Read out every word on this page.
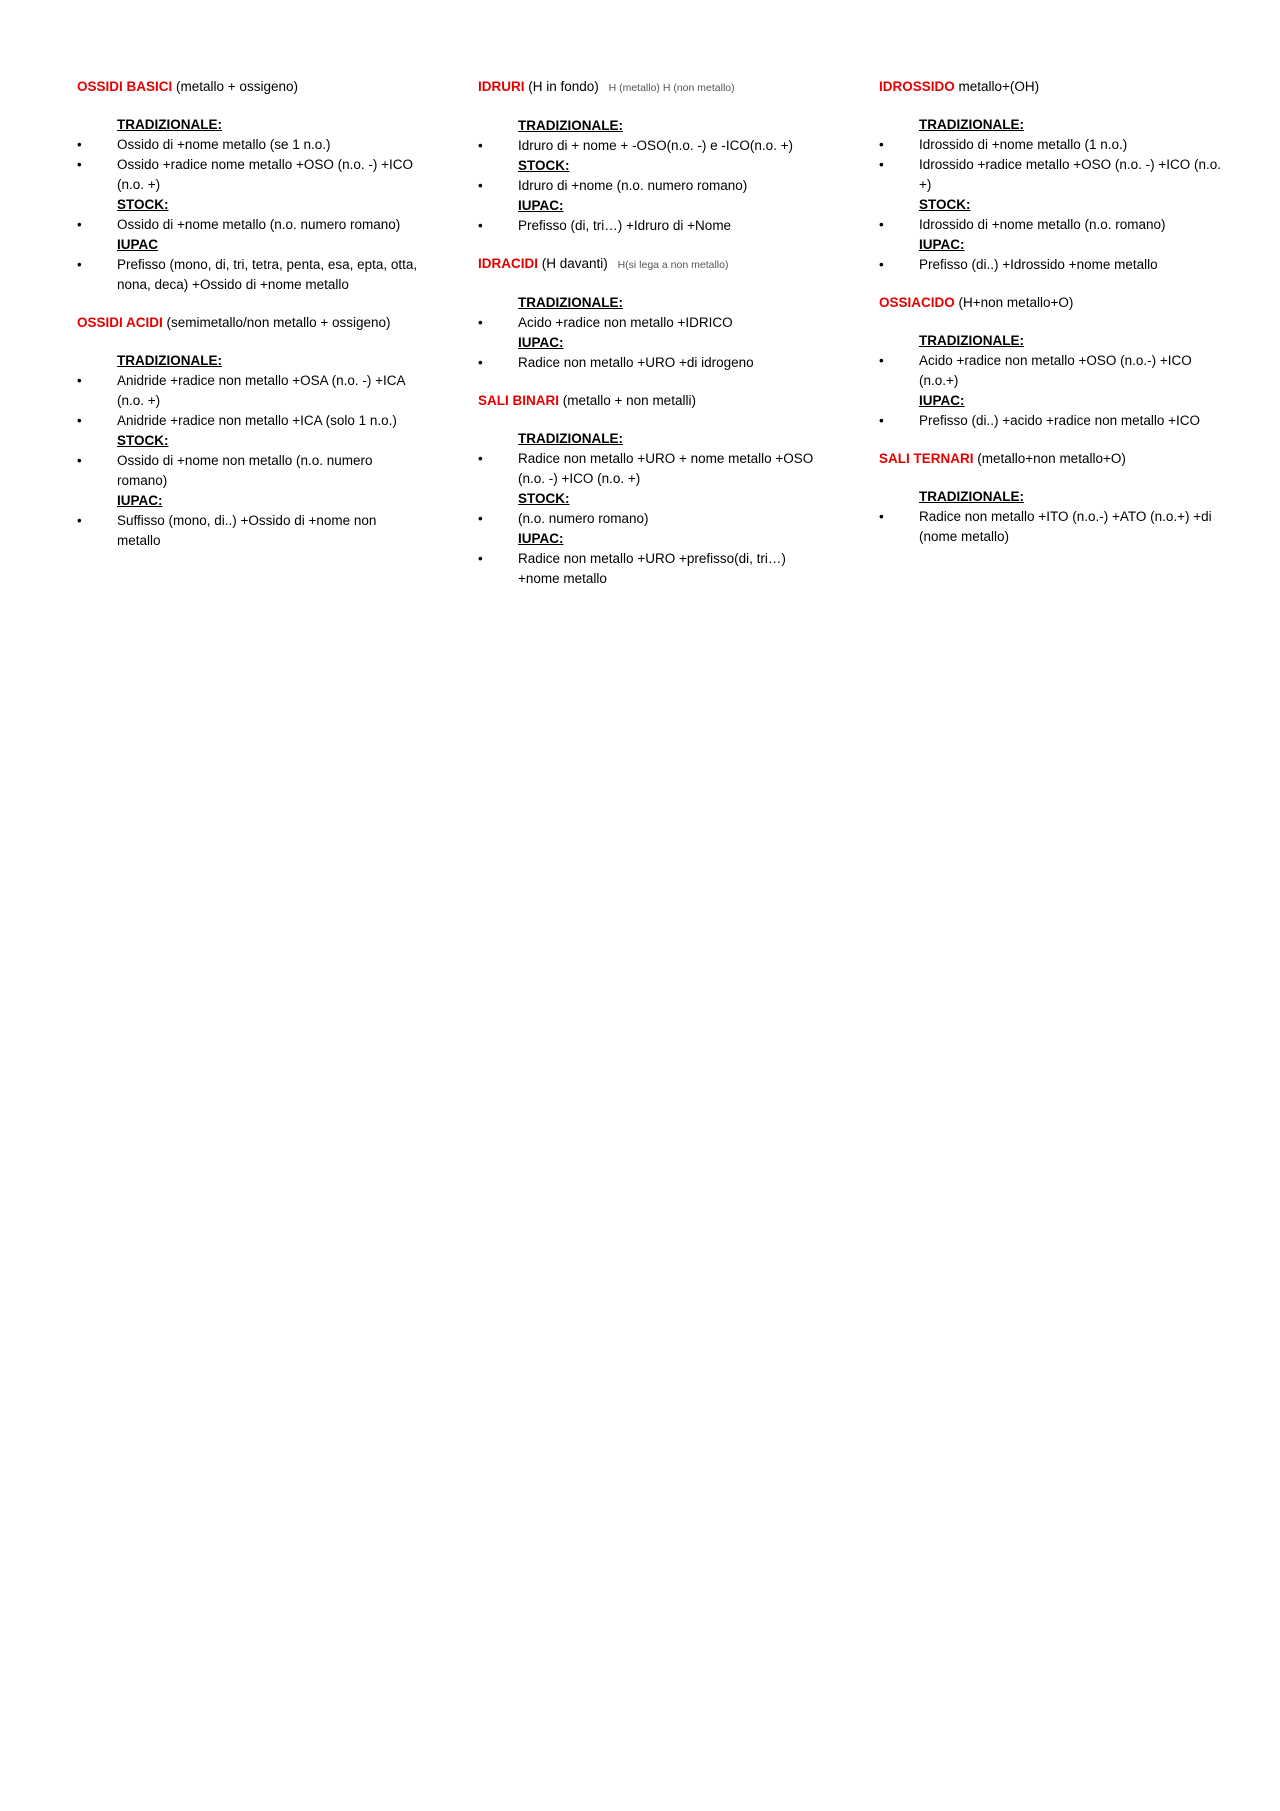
OSSIDI BASICI (metallo + ossigeno)
TRADIZIONALE:
• Ossido di +nome metallo (se 1 n.o.)
• Ossido +radice nome metallo +OSO (n.o. -) +ICO (n.o. +)
STOCK:
• Ossido di +nome metallo (n.o. numero romano)
IUPAC
• Prefisso (mono, di, tri, tetra, penta, esa, epta, otta, nona, deca) +Ossido di +nome metallo
OSSIDI ACIDI (semimetallo/non metallo + ossigeno)
TRADIZIONALE:
• Anidride +radice non metallo +OSA (n.o. -) +ICA (n.o. +)
• Anidride +radice non metallo +ICA (solo 1 n.o.)
STOCK:
• Ossido di +nome non metallo (n.o. numero romano)
IUPAC:
• Suffisso (mono, di..) +Ossido di +nome non metallo
IDRURI (H in fondo) H (metallo) H (non metallo)
TRADIZIONALE:
• Idruro di + nome + -OSO(n.o. -) e -ICO(n.o. +)
STOCK:
• Idruro di +nome (n.o. numero romano)
IUPAC:
• Prefisso (di, tri…) +Idruro di +Nome
IDRACIDI (H davanti) H(si lega a non metallo)
TRADIZIONALE:
• Acido +radice non metallo +IDRICO
IUPAC:
• Radice non metallo +URO +di idrogeno
SALI BINARI (metallo + non metalli)
TRADIZIONALE:
• Radice non metallo +URO + nome metallo +OSO (n.o. -) +ICO (n.o. +)
STOCK:
• (n.o. numero romano)
IUPAC:
• Radice non metallo +URO +prefisso(di, tri…) +nome metallo
IDROSSIDO metallo+(OH)
TRADIZIONALE:
• Idrossido di +nome metallo (1 n.o.)
• Idrossido +radice metallo +OSO (n.o. -) +ICO (n.o. +)
STOCK:
• Idrossido di +nome metallo (n.o. romano)
IUPAC:
• Prefisso (di..) +Idrossido +nome metallo
OSSIACIDO (H+non metallo+O)
TRADIZIONALE:
• Acido +radice non metallo +OSO (n.o.-) +ICO (n.o.+)
IUPAC:
• Prefisso (di..) +acido +radice non metallo +ICO
SALI TERNARI (metallo+non metallo+O)
TRADIZIONALE:
• Radice non metallo +ITO (n.o.-) +ATO (n.o.+) +di (nome metallo)
